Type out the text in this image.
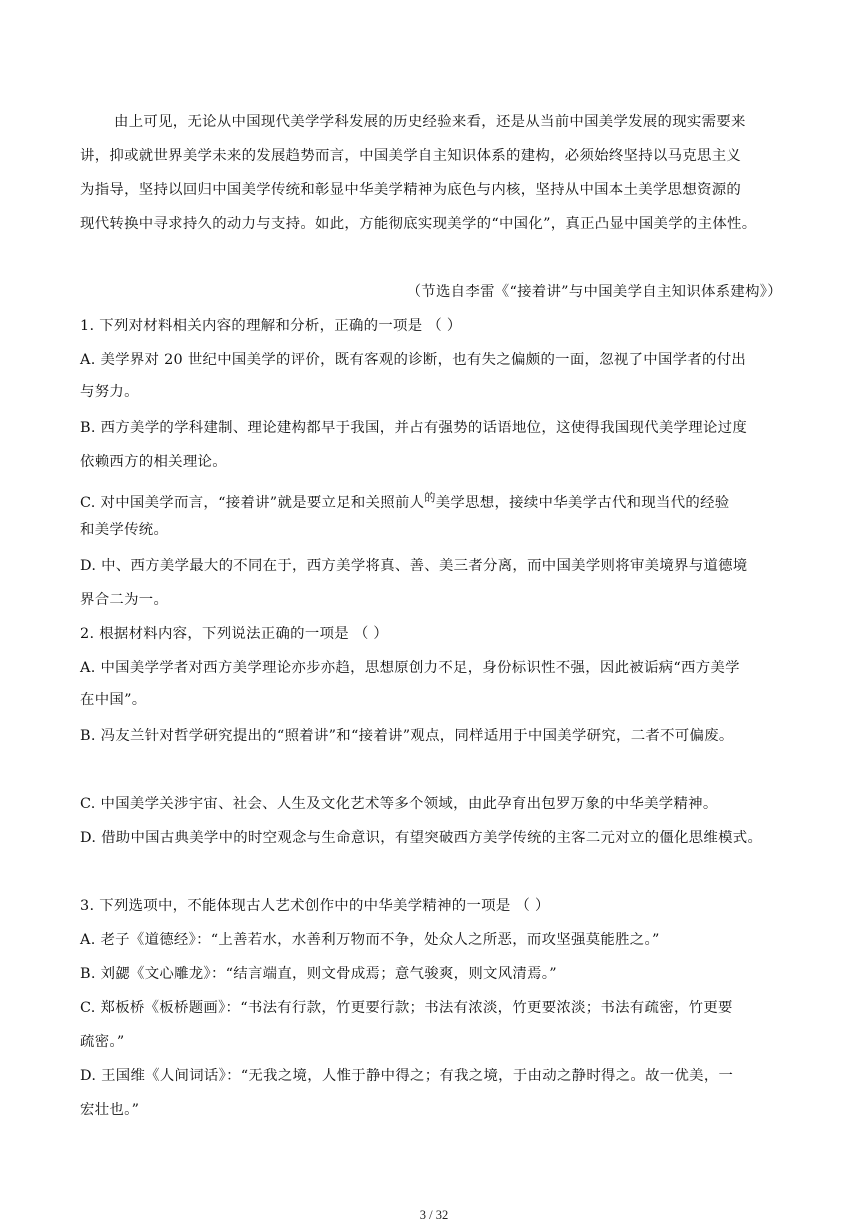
由上可见，无论从中国现代美学学科发展的历史经验来看，还是从当前中国美学发展的现实需要来
讲，抑或就世界美学未来的发展趋势而言，中国美学自主知识体系的建构，必须始终坚持以马克思主义
为指导，坚持以回归中国美学传统和彰显中华美学精神为底色与内核，坚持从中国本土美学思想资源的
现代转换中寻求持久的动力与支持。如此，方能彻底实现美学的“中国化”，真正凸显中国美学的主体性。
（节选自李雷《“接着讲”与中国美学自主知识体系建构》）
1. 下列对材料相关内容的理解和分析，正确的一项是 （ ）
A. 美学界对 20 世纪中国美学的评价，既有客观的诊断，也有失之偏颇的一面，忽视了中国学者的付出
与努力。
B. 西方美学的学科建制、理论建构都早于我国，并占有强势的话语地位，这使得我国现代美学理论过度
依赖西方的相关理论。
C. 对中国美学而言，“接着讲”就是要立足和关照前人$^的$美学思想，接续中华美学古代和现当代的经验
和美学传统。
D. 中、西方美学最大的不同在于，西方美学将真、善、美三者分离，而中国美学则将审美境界与道德境
界合二为一。
2. 根据材料内容，下列说法正确的一项是 （ ）
A. 中国美学学者对西方美学理论亦步亦趋，思想原创力不足，身份标识性不强，因此被诟病“西方美学
在中国”。
B. 冯友兰针对哲学研究提出的“照着讲”和“接着讲”观点，同样适用于中国美学研究，二者不可偏废。
C. 中国美学关涉宇宙、社会、人生及文化艺术等多个领域，由此孕育出包罗万象的中华美学精神。
D. 借助中国古典美学中的时空观念与生命意识，有望突破西方美学传统的主客二元对立的僵化思维模式。
3. 下列选项中，不能体现古人艺术创作中的中华美学精神的一项是 （ ）
A. 老子《道德经》：“上善若水，水善利万物而不争，处众人之所恶，而攻坚强莫能胜之。”
B. 刘勰《文心雕龙》：“结言端直，则文骨成焉；意气骏爽，则文风清焉。”
C. 郑板桥《板桥题画》：“书法有行款，竹更要行款；书法有浓淡，竹更要浓淡；书法有疏密，竹更要
疏密。”
D. 王国维《人间词话》：“无我之境，人惟于静中得之；有我之境，于由动之静时得之。故一优美，一
宏壮也。”
3 / 32
